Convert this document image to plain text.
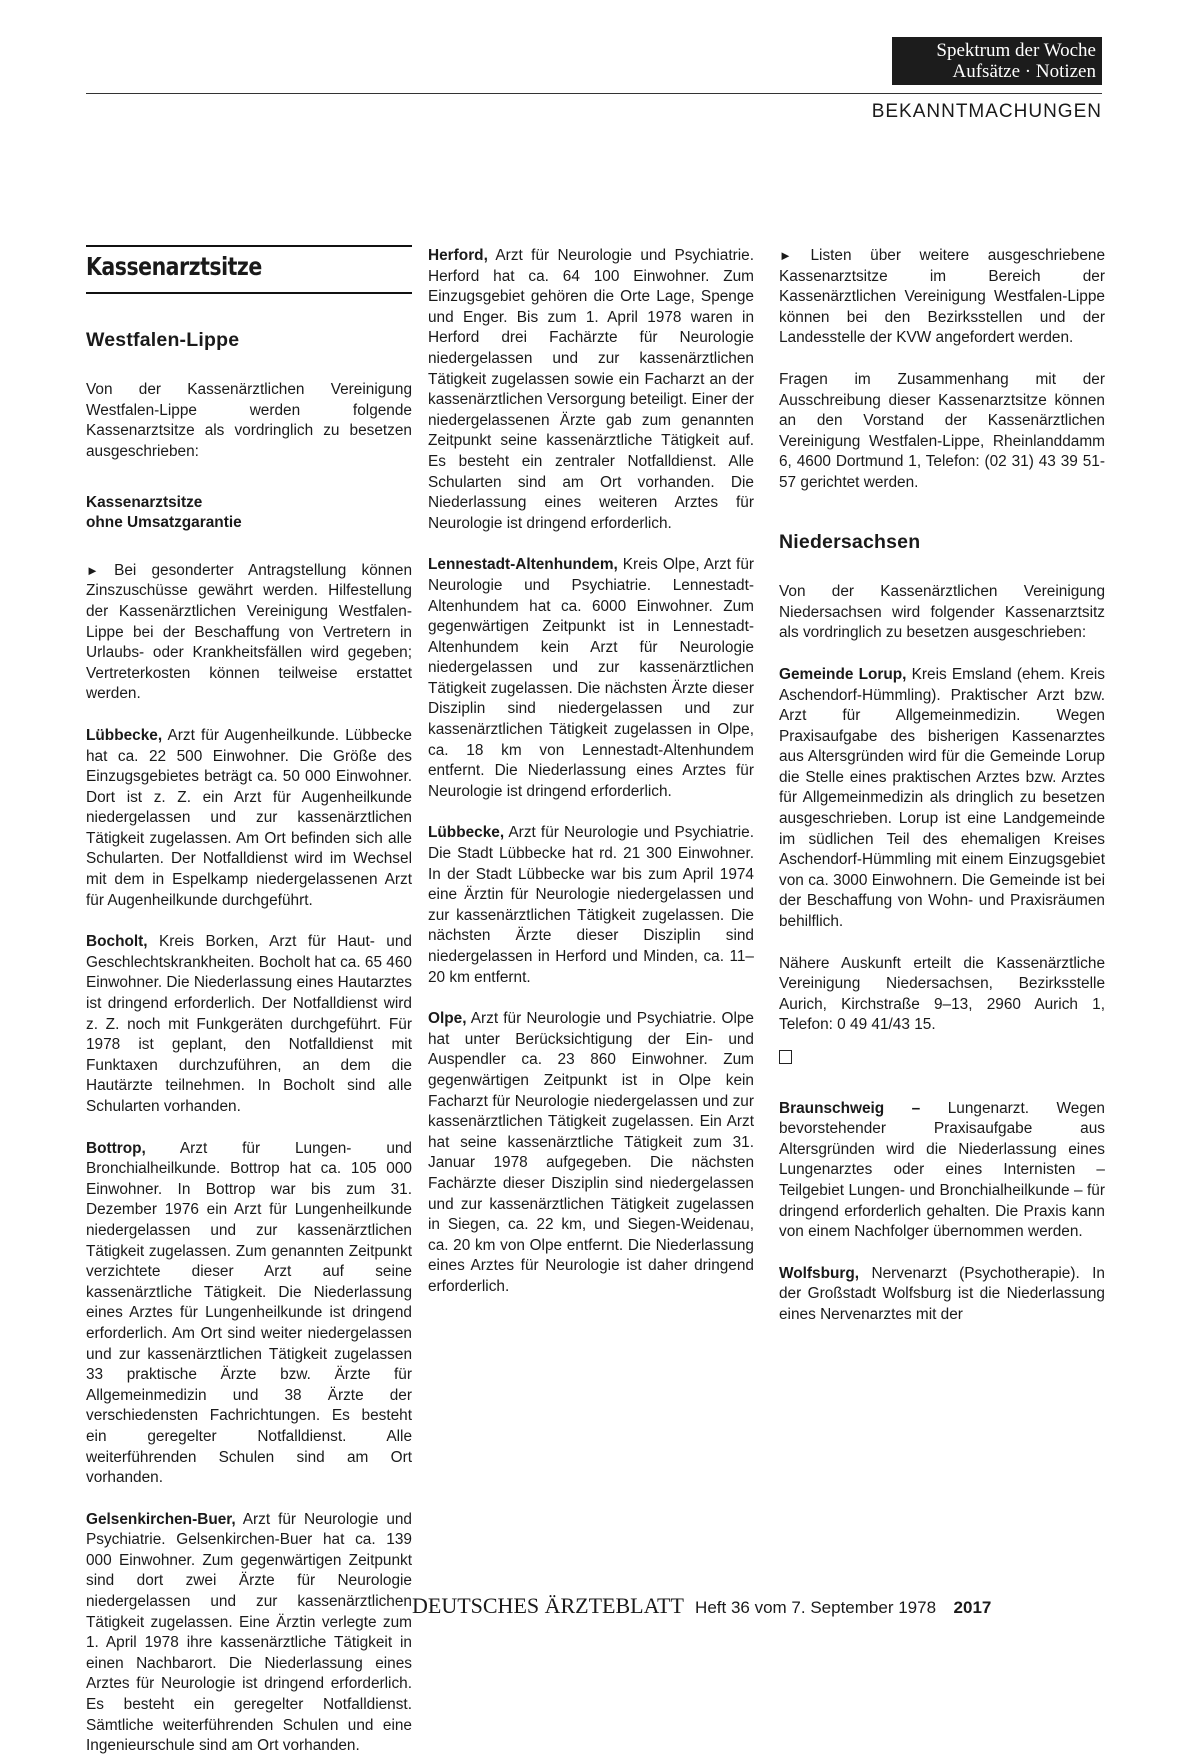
Spektrum der Woche
Aufsätze · Notizen
BEKANNTMACHUNGEN
Kassenarztsitze
Westfalen-Lippe

Von der Kassenärztlichen Vereinigung Westfalen-Lippe werden folgende Kassenarztsitze als vordringlich zu besetzen ausgeschrieben:

Kassenarztsitze
ohne Umsatzgarantie

► Bei gesonderter Antragstellung können Zinszuschüsse gewährt werden. Hilfestellung der Kassenärztlichen Vereinigung Westfalen-Lippe bei der Beschaffung von Vertretern in Urlaubs- oder Krankheitsfällen wird gegeben; Vertreterkosten können teilweise erstattet werden.

Lübbecke, Arzt für Augenheilkunde. Lübbecke hat ca. 22 500 Einwohner. Die Größe des Einzugsgebietes beträgt ca. 50 000 Einwohner. Dort ist z. Z. ein Arzt für Augenheilkunde niedergelassen und zur kassenärztlichen Tätigkeit zugelassen. Am Ort befinden sich alle Schularten. Der Notfalldienst wird im Wechsel mit dem in Espelkamp niedergelassenen Arzt für Augenheilkunde durchgeführt.

Bocholt, Kreis Borken, Arzt für Haut- und Geschlechtskrankheiten. Bocholt hat ca. 65 460 Einwohner. Die Niederlassung eines Hautarztes ist dringend erforderlich. Der Notfalldienst wird z. Z. noch mit Funkgeräten durchgeführt. Für 1978 ist geplant, den Notfalldienst mit Funktaxen durchzuführen, an dem die Hautärzte teilnehmen. In Bocholt sind alle Schularten vorhanden.

Bottrop, Arzt für Lungen- und Bronchialheilkunde. Bottrop hat ca. 105 000 Einwohner. In Bottrop war bis zum 31. Dezember 1976 ein Arzt für Lungenheilkunde niedergelassen und zur kassenärztlichen Tätigkeit zugelassen. Zum genannten Zeitpunkt verzichtete dieser Arzt auf seine kassenärztliche Tätigkeit. Die Niederlassung eines Arztes für Lungenheilkunde ist dringend erforderlich. Am Ort sind weiter niedergelassen und zur kassenärztlichen Tätigkeit zugelassen 33 praktische Ärzte bzw. Ärzte für Allgemeinmedizin und 38 Ärzte der verschiedensten Fachrichtungen. Es besteht ein geregelter Notfalldienst. Alle weiterführenden Schulen sind am Ort vorhanden.

Gelsenkirchen-Buer, Arzt für Neurologie und Psychiatrie. Gelsenkirchen-Buer hat ca. 139 000 Einwohner. Zum gegenwärtigen Zeitpunkt sind dort zwei Ärzte für Neurologie niedergelassen und zur kassenärztlichen Tätigkeit zugelassen. Eine Ärztin verlegte zum 1. April 1978 ihre kassenärztliche Tätigkeit in einen Nachbarort. Die Niederlassung eines Arztes für Neurologie ist dringend erforderlich. Es besteht ein geregelter Notfalldienst. Sämtliche weiterführenden Schulen und eine Ingenieurschule sind am Ort vorhanden.

Herford, Arzt für Neurologie und Psychiatrie. Herford hat ca. 64 100 Einwohner. Zum Einzugsgebiet gehören die Orte Lage, Spenge und Enger. Bis zum 1. April 1978 waren in Herford drei Fachärzte für Neurologie niedergelassen und zur kassenärztlichen Tätigkeit zugelassen sowie ein Facharzt an der kassenärztlichen Versorgung beteiligt. Einer der niedergelassenen Ärzte gab zum genannten Zeitpunkt seine kassenärztliche Tätigkeit auf. Es besteht ein zentraler Notfalldienst. Alle Schularten sind am Ort vorhanden. Die Niederlassung eines weiteren Arztes für Neurologie ist dringend erforderlich.

Lennestadt-Altenhundem, Kreis Olpe, Arzt für Neurologie und Psychiatrie. Lennestadt-Altenhundem hat ca. 6000 Einwohner. Zum gegenwärtigen Zeitpunkt ist in Lennestadt-Altenhundem kein Arzt für Neurologie niedergelassen und zur kassenärztlichen Tätigkeit zugelassen. Die nächsten Ärzte dieser Disziplin sind niedergelassen und zur kassenärztlichen Tätigkeit zugelassen in Olpe, ca. 18 km von Lennestadt-Altenhundem entfernt. Die Niederlassung eines Arztes für Neurologie ist dringend erforderlich.

Lübbecke, Arzt für Neurologie und Psychiatrie. Die Stadt Lübbecke hat rd. 21 300 Einwohner. In der Stadt Lübbecke war bis zum April 1974 eine Ärztin für Neurologie niedergelassen und zur kassenärztlichen Tätigkeit zugelassen. Die nächsten Ärzte dieser Disziplin sind niedergelassen in Herford und Minden, ca. 11–20 km entfernt.

Olpe, Arzt für Neurologie und Psychiatrie. Olpe hat unter Berücksichtigung der Ein- und Auspendler ca. 23 860 Einwohner. Zum gegenwärtigen Zeitpunkt ist in Olpe kein Facharzt für Neurologie niedergelassen und zur kassenärztlichen Tätigkeit zugelassen. Ein Arzt hat seine kassenärztliche Tätigkeit zum 31. Januar 1978 aufgegeben. Die nächsten Fachärzte dieser Disziplin sind niedergelassen und zur kassenärztlichen Tätigkeit zugelassen in Siegen, ca. 22 km, und Siegen-Weidenau, ca. 20 km von Olpe entfernt. Die Niederlassung eines Arztes für Neurologie ist daher dringend erforderlich.

► Listen über weitere ausgeschriebene Kassenarztsitze im Bereich der Kassenärztlichen Vereinigung Westfalen-Lippe können bei den Bezirksstellen und der Landesstelle der KVW angefordert werden.

Fragen im Zusammenhang mit der Ausschreibung dieser Kassenarztsitze können an den Vorstand der Kassenärztlichen Vereinigung Westfalen-Lippe, Rheinlanddamm 6, 4600 Dortmund 1, Telefon: (02 31) 43 39 51-57 gerichtet werden.

Niedersachsen

Von der Kassenärztlichen Vereinigung Niedersachsen wird folgender Kassenarztsitz als vordringlich zu besetzen ausgeschrieben:

Gemeinde Lorup, Kreis Emsland (ehem. Kreis Aschendorf-Hümmling). Praktischer Arzt bzw. Arzt für Allgemeinmedizin. Wegen Praxisaufgabe des bisherigen Kassenarztes aus Altersgründen wird für die Gemeinde Lorup die Stelle eines praktischen Arztes bzw. Arztes für Allgemeinmedizin als dringlich zu besetzen ausgeschrieben. Lorup ist eine Landgemeinde im südlichen Teil des ehemaligen Kreises Aschendorf-Hümmling mit einem Einzugsgebiet von ca. 3000 Einwohnern. Die Gemeinde ist bei der Beschaffung von Wohn- und Praxisräumen behilflich.

Nähere Auskunft erteilt die Kassenärztliche Vereinigung Niedersachsen, Bezirksstelle Aurich, Kirchstraße 9–13, 2960 Aurich 1, Telefon: 0 49 41/43 15.

Braunschweig – Lungenarzt. Wegen bevorstehender Praxisaufgabe aus Altersgründen wird die Niederlassung eines Lungenarztes oder eines Internisten – Teilgebiet Lungen- und Bronchialheilkunde – für dringend erforderlich gehalten. Die Praxis kann von einem Nachfolger übernommen werden.

Wolfsburg, Nervenarzt (Psychotherapie). In der Großstadt Wolfsburg ist die Niederlassung eines Nervenarztes mit der

DEUTSCHES ÄRZTEBLATT Heft 36 vom 7. September 1978 2017
